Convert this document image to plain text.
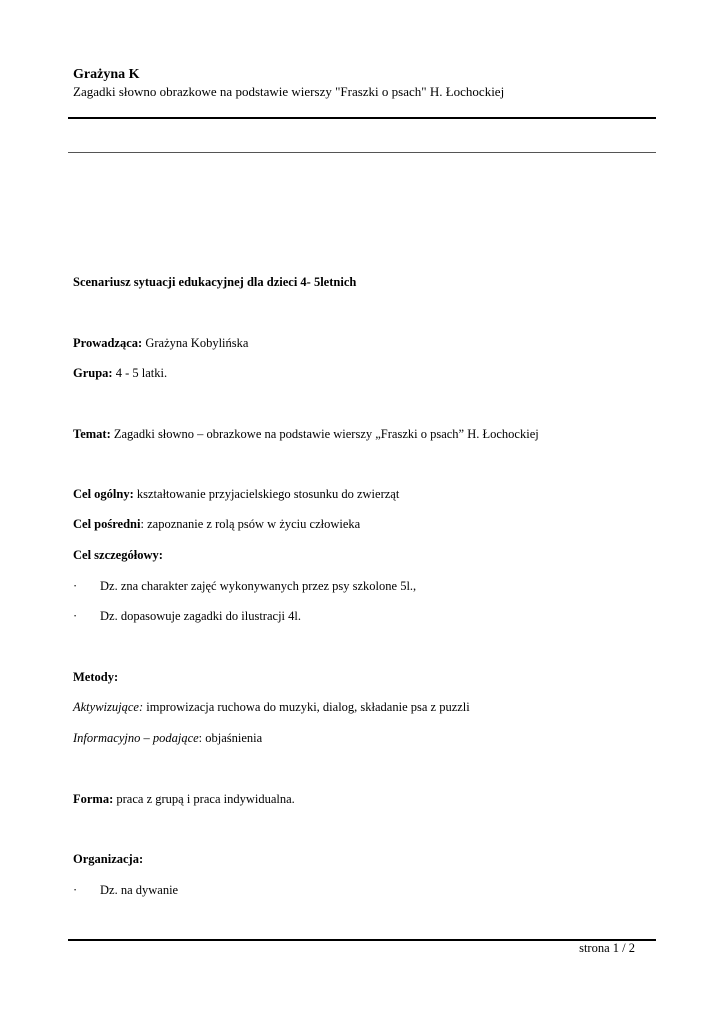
Grażyna K
Zagadki słowno obrazkowe na podstawie wierszy "Fraszki o psach" H. Łochockiej
Scenariusz sytuacji edukacyjnej dla dzieci 4- 5letnich
Prowadząca: Grażyna Kobylińska
Grupa: 4 - 5 latki.
Temat: Zagadki słowno – obrazkowe na podstawie wierszy „Fraszki o psach” H. Łochockiej
Cel ogólny: kształtowanie przyjacielskiego stosunku do zwierząt
Cel pośredni: zapoznanie z rolą psów w życiu człowieka
Cel szczegółowy:
· Dz. zna charakter zajęć wykonywanych przez psy szkolone 5l.,
· Dz. dopasowuje zagadki do ilustracji 4l.
Metody:
Aktywizujące: improwizacja ruchowa do muzyki, dialog, składanie psa z puzzli
Informacyjno – podające: objaśnienia
Forma: praca z grupą i praca indywidualna.
Organizacja:
· Dz. na dywanie
strona 1 / 2
